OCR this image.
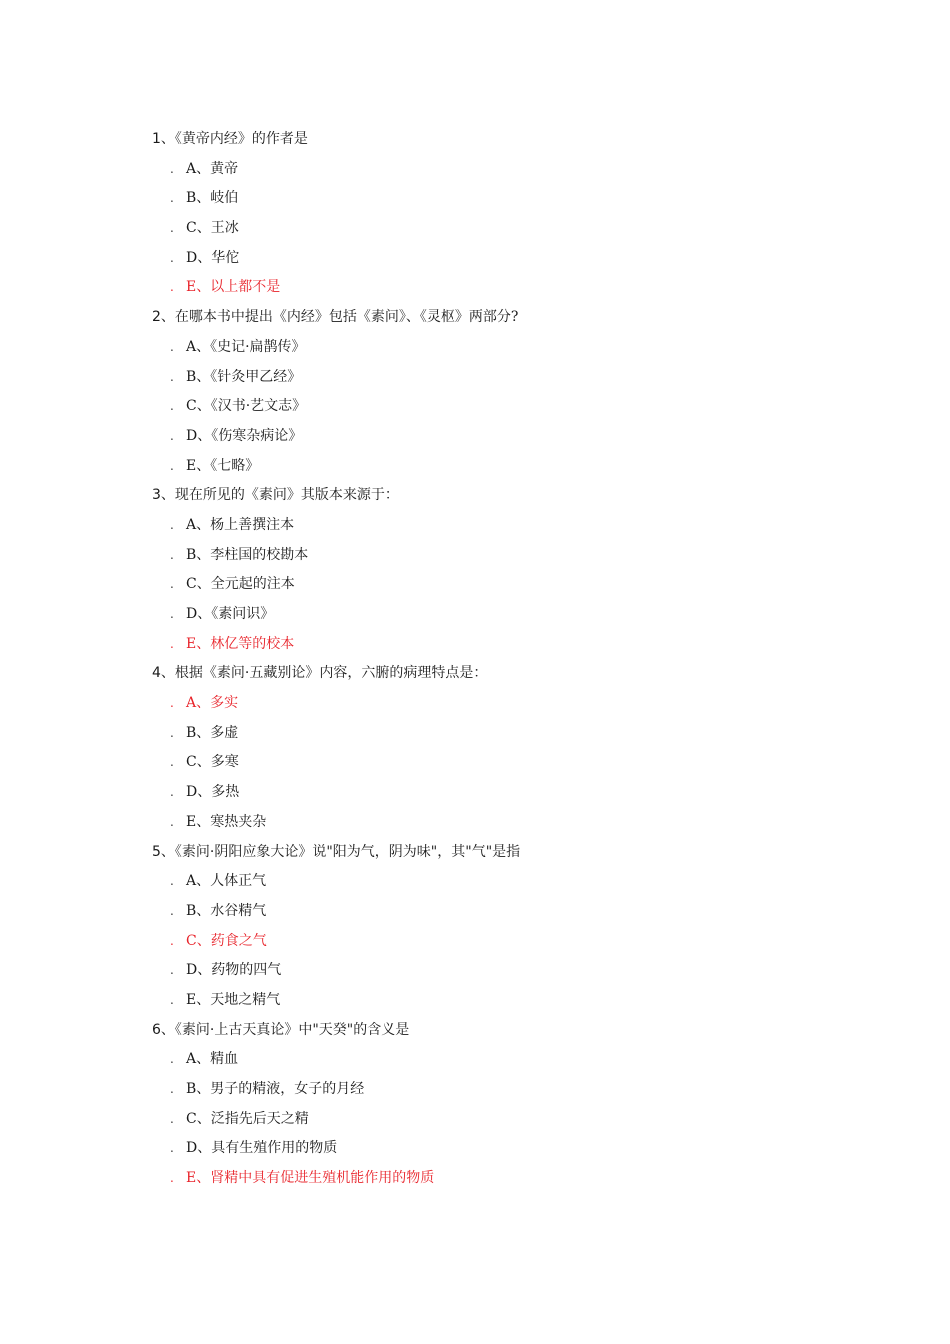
1、《黄帝内经》的作者是
. A、黄帝
. B、岐伯
. C、王冰
. D、华佗
. E、以上都不是
2、在哪本书中提出《内经》包括《素问》、《灵枢》两部分?
. A、《史记·扁鹊传》
. B、《针灸甲乙经》
. C、《汉书·艺文志》
. D、《伤寒杂病论》
. E、《七略》
3、现在所见的《素问》其版本来源于：
. A、杨上善撰注本
. B、李柱国的校勘本
. C、全元起的注本
. D、《素问识》
. E、林亿等的校本
4、根据《素问·五藏别论》内容，六腑的病理特点是：
. A、多实
. B、多虚
. C、多寒
. D、多热
. E、寒热夹杂
5、《素问·阴阳应象大论》说"阳为气，阴为味"，其"气"是指
. A、人体正气
. B、水谷精气
. C、药食之气
. D、药物的四气
. E、天地之精气
6、《素问·上古天真论》中"天癸"的含义是
. A、精血
. B、男子的精液，女子的月经
. C、泛指先后天之精
. D、具有生殖作用的物质
. E、肾精中具有促进生殖机能作用的物质
